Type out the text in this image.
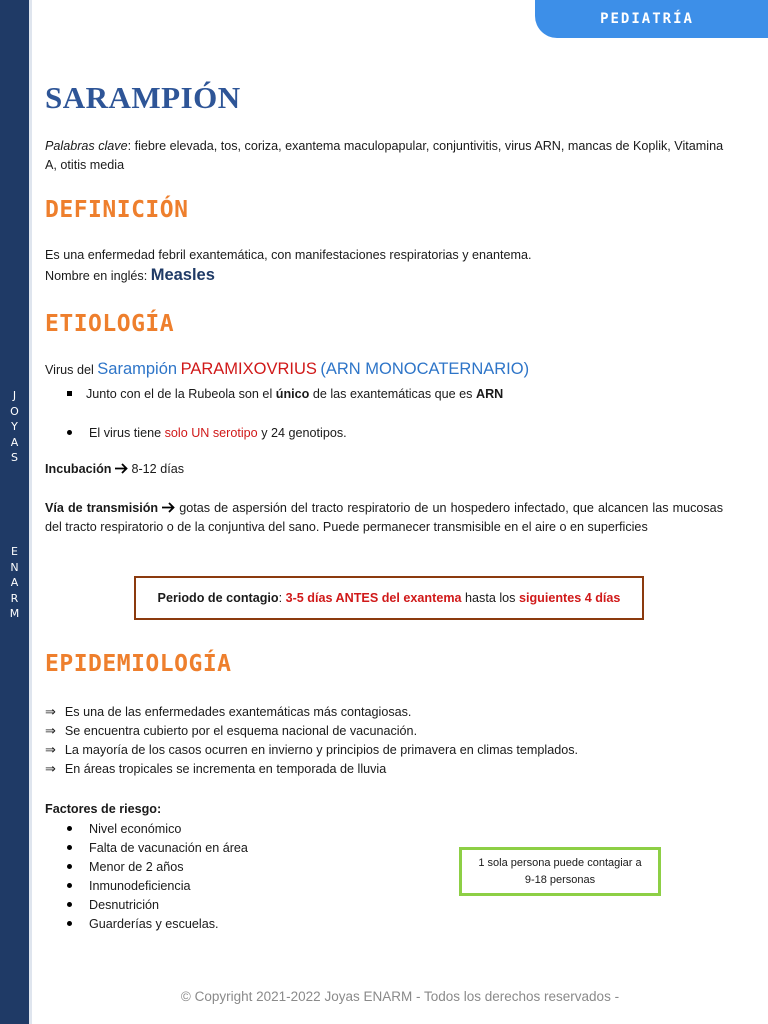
J
O
Y
A
S
E
N
A
R
M
PEDIATRÍA
SARAMPIÓN
Palabras clave: fiebre elevada, tos, coriza, exantema maculopapular, conjuntivitis, virus ARN, mancas de Koplik, Vitamina A, otitis media
DEFINICIÓN
Es una enfermedad febril exantemática, con manifestaciones respiratorias y enantema.
Nombre en inglés: Measles
ETIOLOGÍA
Virus del Sarampión PARAMIXOVRIUS (ARN MONOCATERNARIO)
Junto con el de la Rubeola son el único de las exantemáticas que es ARN
El virus tiene solo UN serotipo y 24 genotipos.
Incubación  8-12 días
Vía de transmisión  gotas de aspersión del tracto respiratorio de un hospedero infectado, que alcancen las mucosas del tracto respiratorio o de la conjuntiva del sano. Puede permanecer transmisible en el aire o en superficies
Periodo de contagio: 3-5 días ANTES del exantema hasta los siguientes 4 días
EPIDEMIOLOGÍA
⇒ Es una de las enfermedades exantemáticas más contagiosas.
⇒ Se encuentra cubierto por el esquema nacional de vacunación.
⇒ La mayoría de los casos ocurren en invierno y principios de primavera en climas templados.
⇒ En áreas tropicales se incrementa en temporada de lluvia
Factores de riesgo:
Nivel económico
Falta de vacunación en área
Menor de 2 años
Inmunodeficiencia
Desnutrición
Guarderías y escuelas.
1 sola persona puede contagiar a 9-18 personas
© Copyright 2021-2022 Joyas ENARM - Todos los derechos reservados -
